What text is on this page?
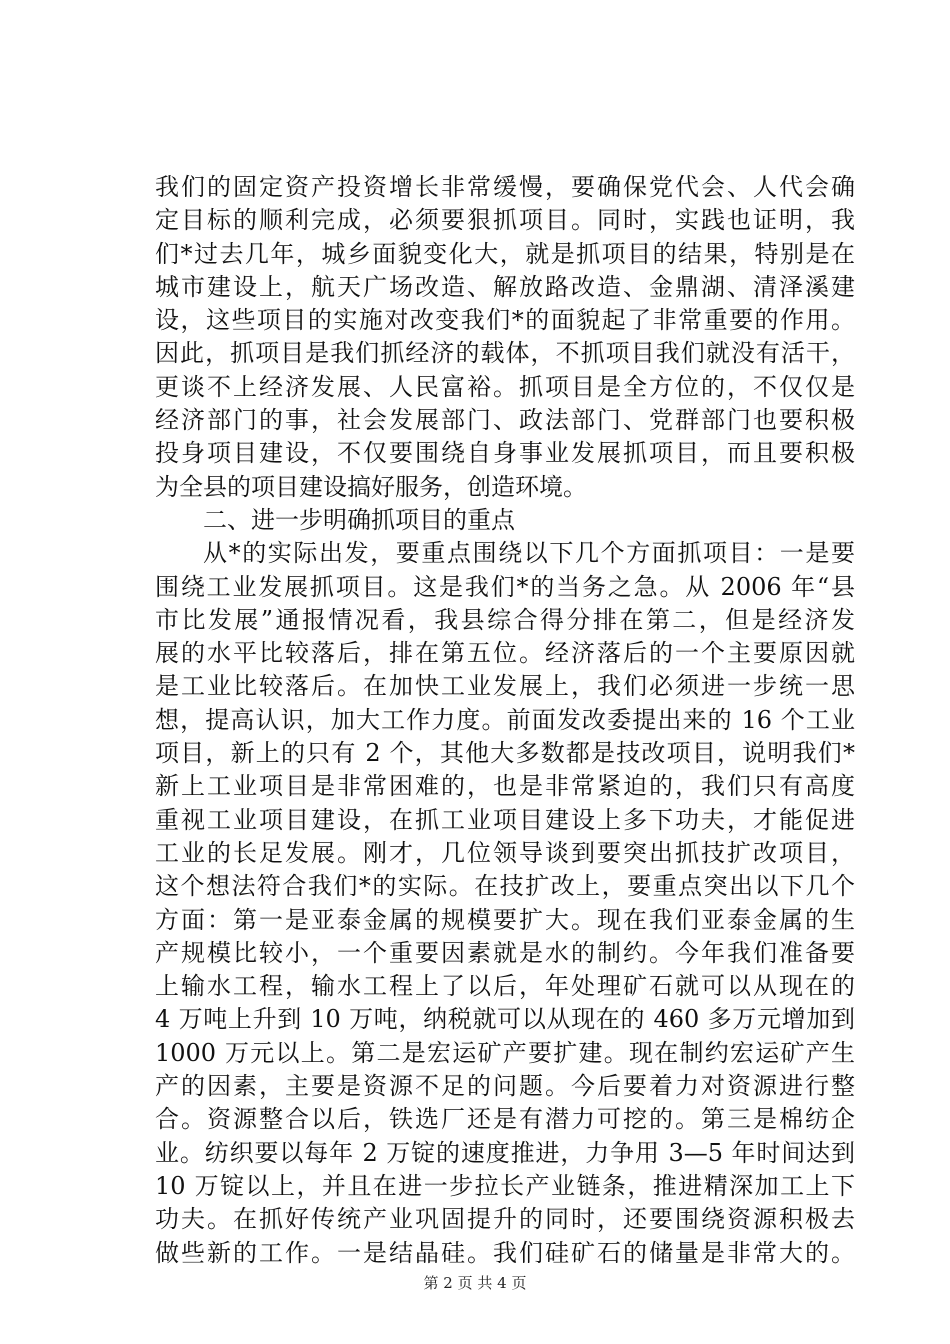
我们的固定资产投资增长非常缓慢，要确保党代会、人代会确
定目标的顺利完成，必须要狠抓项目。同时，实践也证明，我
们*过去几年，城乡面貌变化大，就是抓项目的结果，特别是在
城市建设上，航天广场改造、解放路改造、金鼎湖、清泽溪建
设，这些项目的实施对改变我们*的面貌起了非常重要的作用。
因此，抓项目是我们抓经济的载体，不抓项目我们就没有活干，
更谈不上经济发展、人民富裕。抓项目是全方位的，不仅仅是
经济部门的事，社会发展部门、政法部门、党群部门也要积极
投身项目建设，不仅要围绕自身事业发展抓项目，而且要积极
为全县的项目建设搞好服务，创造环境。
二、进一步明确抓项目的重点
从*的实际出发，要重点围绕以下几个方面抓项目：一是要
围绕工业发展抓项目。这是我们*的当务之急。从 2006 年“县
市比发展”通报情况看，我县综合得分排在第二，但是经济发
展的水平比较落后，排在第五位。经济落后的一个主要原因就
是工业比较落后。在加快工业发展上，我们必须进一步统一思
想，提高认识，加大工作力度。前面发改委提出来的 16 个工业
项目，新上的只有 2 个，其他大多数都是技改项目，说明我们*
新上工业项目是非常困难的，也是非常紧迫的，我们只有高度
重视工业项目建设，在抓工业项目建设上多下功夫，才能促进
工业的长足发展。刚才，几位领导谈到要突出抓技扩改项目，
这个想法符合我们*的实际。在技扩改上，要重点突出以下几个
方面：第一是亚泰金属的规模要扩大。现在我们亚泰金属的生
产规模比较小，一个重要因素就是水的制约。今年我们准备要
上输水工程，输水工程上了以后，年处理矿石就可以从现在的
4 万吨上升到 10 万吨，纳税就可以从现在的 460 多万元增加到
1000 万元以上。第二是宏运矿产要扩建。现在制约宏运矿产生
产的因素，主要是资源不足的问题。今后要着力对资源进行整
合。资源整合以后，铁选厂还是有潜力可挖的。第三是棉纺企
业。纺织要以每年 2 万锭的速度推进，力争用 3—5 年时间达到
10 万锭以上，并且在进一步拉长产业链条，推进精深加工上下
功夫。在抓好传统产业巩固提升的同时，还要围绕资源积极去
做些新的工作。一是结晶硅。我们硅矿石的储量是非常大的。
第 2 页 共 4 页
